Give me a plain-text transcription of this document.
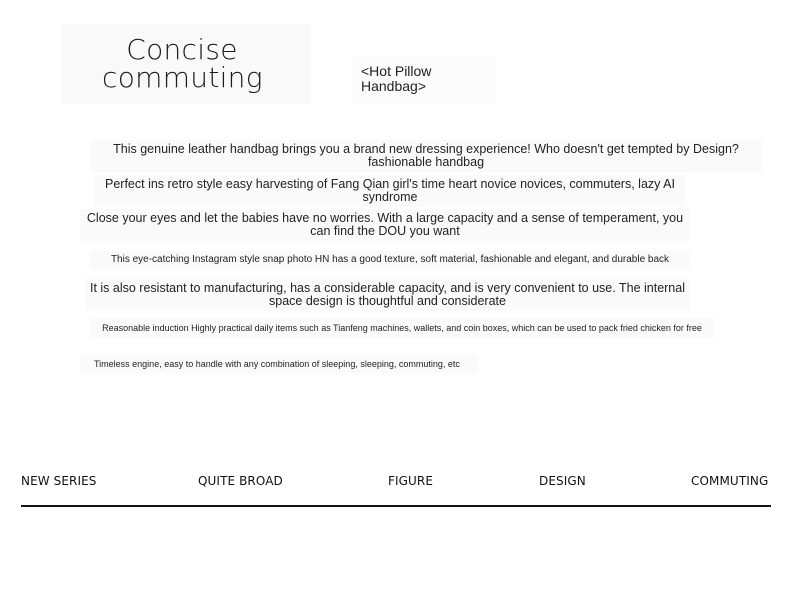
Concise commuting	<Hot Pillow Handbag>
This genuine leather handbag brings you a brand new dressing experience! Who doesn't get tempted by Design? fashionable handbag
Perfect ins retro style easy harvesting of Fang Qian girl's time heart novice novices, commuters, lazy AI syndrome
Close your eyes and let the babies have no worries. With a large capacity and a sense of temperament, you can find the DOU you want
This eye-catching Instagram style snap photo HN has a good texture, soft material, fashionable and elegant, and durable back
It is also resistant to manufacturing, has a considerable capacity, and is very convenient to use. The internal space design is thoughtful and considerate
Reasonable induction Highly practical daily items such as Tianfeng machines, wallets, and coin boxes, which can be used to pack fried chicken for free
Timeless engine, easy to handle with any combination of sleeping, sleeping, commuting, etc
NEW SERIES	QUITE BROAD	FIGURE	DESIGN	COMMUTING
